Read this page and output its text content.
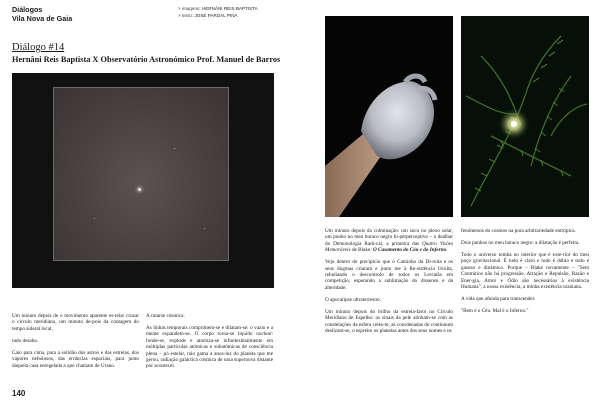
Diálogos
Vila Nova de Gaia
> imagens: HERNÂNI REIS BAPTISTA
> texto: JOSÉ PARDAL PINA
Diálogo #14
Hernâni Reis Baptista X Observatório Astronómico Prof. Manuel de Barros

Um minuto depois de o movimento aparente es-telar cruzar o círculo meridiano, um minuto de-pois da contagem do tempo sideral local,

tudo desaba.

Caio para cima, para a solidão dos astros e das estrelas, dos vapores nebulosos, das errâncias espaciais, para junto daquela casa enregelada a que chamam de Urano.

A catarse cósmica.

As linhas temporais comprimem-se e dilatam-se: o vazio e a mente expandem-se. O corpo torna-se líquido nuclear: funde-se, explode e atomiza-se infinitesimalmente em múltiplas partículas atómicas e subatómicas de consciência plena – pó estelar, raio gama a anos-luz do planeta que me gerou, radiação galáctica cósmica de uma supernova distante por acontecer.

Um minuto depois da culminação: um soco no plexo solar, um punho no meu buraco negro hi-perperceptivo – o dealbar do Demonologia Radi-cal, a primeira das Quatro Visões Memoráveis de Blake: O Casamento do Céu e do Inferno.

Vejo dentro do precipício que o Caminho da Di-reita e os seus dogmas criaram e junto me à Re-sistência Oculta, rebuliando o descontrolo de todos os Leviatãs em competição, esperando a sublimação do dissenso e da alteridade.

O apocalipse ultraterrestre.

Um minuto depois do brilho da estrela-farol no Círculo Meridiano de Espelho: os sinais da pele alinham-se com as constelações da esfera celes-te, as coordenadas do continuum deslizam-se, o espreito os planetas antes dos seus nomes e os

fenómenos do cosmos na pura arbitrariedade entrópica.

Dois punhos no meu buraco negro: a dilatação é perfeita.

Todo o universo tomba no interior que é exte-rior do meu poço gravitacional. É tudo é claro e tudo é dúbio e tudo é gasoso e dinâmico. Porque – Blake novamente – "Sem Contrários não há progressão. Atração e Repulsão, Razão e Ener-gia, Amor e Ódio são necessários à existência Humana", a nossa existência, a minha existência uraniana.

A vida que afunda para transcender.

"Bem é o Céu. Mal é o Inferno."

140
